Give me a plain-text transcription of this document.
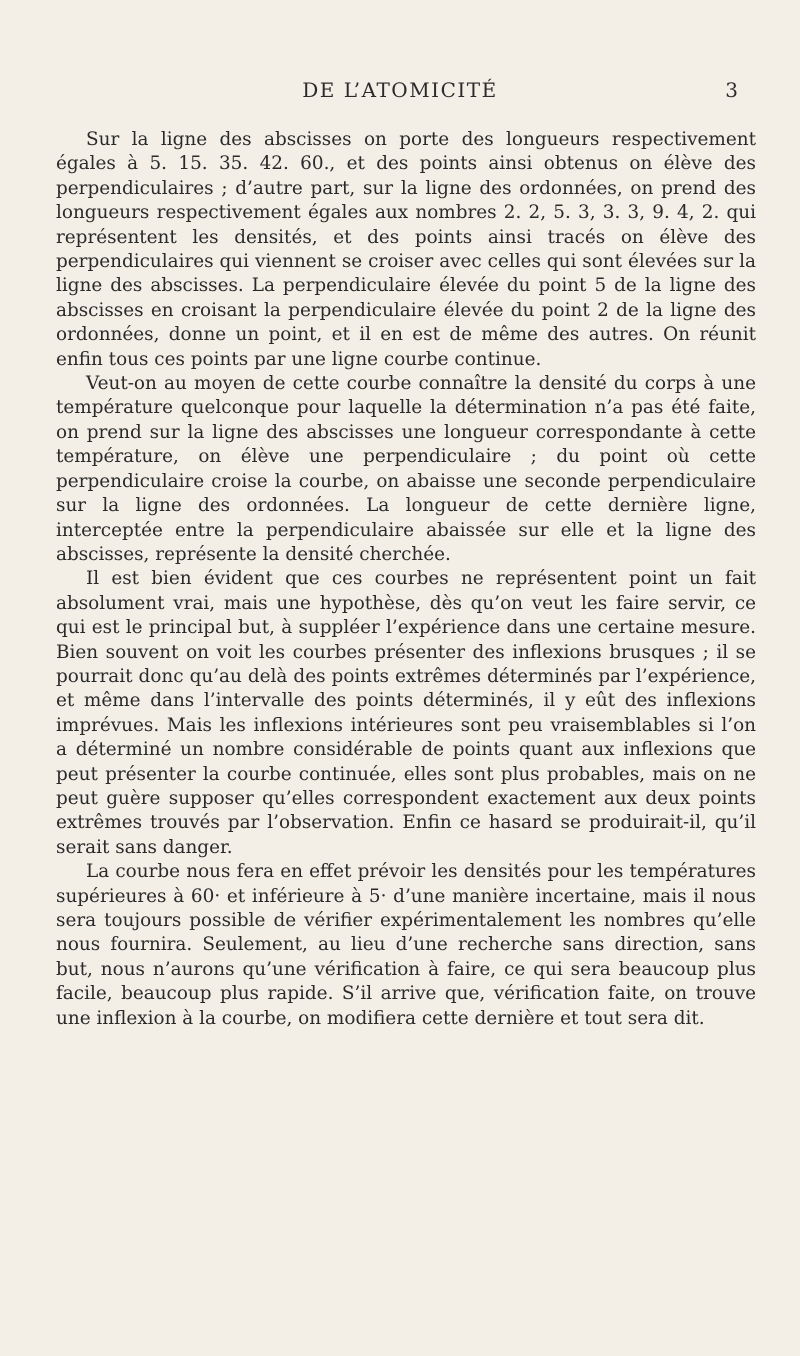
DE L’ATOMICITÉ	3

Sur la ligne des abscisses on porte des longueurs respectivement égales à 5. 15. 35. 42. 60., et des points ainsi obtenus on élève des perpendiculaires ; d’autre part, sur la ligne des ordonnées, on prend des longueurs respectivement égales aux nombres 2. 2, 5. 3, 3. 3, 9. 4, 2. qui représentent les densités, et des points ainsi tracés on élève des perpendiculaires qui viennent se croiser avec celles qui sont élevées sur la ligne des abscisses. La perpendiculaire élevée du point 5 de la ligne des abscisses en croisant la perpendiculaire élevée du point 2 de la ligne des ordonnées, donne un point, et il en est de même des autres. On réunit enfin tous ces points par une ligne courbe continue.

Veut-on au moyen de cette courbe connaître la densité du corps à une température quelconque pour laquelle la détermination n’a pas été faite, on prend sur la ligne des abscisses une longueur correspondante à cette température, on élève une perpendiculaire ; du point où cette perpendiculaire croise la courbe, on abaisse une seconde perpendiculaire sur la ligne des ordonnées. La longueur de cette dernière ligne, interceptée entre la perpendiculaire abaissée sur elle et la ligne des abscisses, représente la densité cherchée.

Il est bien évident que ces courbes ne représentent point un fait absolument vrai, mais une hypothèse, dès qu’on veut les faire servir, ce qui est le principal but, à suppléer l’expérience dans une certaine mesure. Bien souvent on voit les courbes présenter des inflexions brusques ; il se pourrait donc qu’au delà des points extrêmes déterminés par l’expérience, et même dans l’intervalle des points déterminés, il y eût des inflexions imprévues. Mais les inflexions intérieures sont peu vraisemblables si l’on a déterminé un nombre considérable de points quant aux inflexions que peut présenter la courbe continuée, elles sont plus probables, mais on ne peut guère supposer qu’elles correspondent exactement aux deux points extrêmes trouvés par l’observation. Enfin ce hasard se produirait-il, qu’il serait sans danger.

La courbe nous fera en effet prévoir les densités pour les températures supérieures à 60· et inférieure à 5· d’une manière incertaine, mais il nous sera toujours possible de vérifier expérimentalement les nombres qu’elle nous fournira. Seulement, au lieu d’une recherche sans direction, sans but, nous n’aurons qu’une vérification à faire, ce qui sera beaucoup plus facile, beaucoup plus rapide. S’il arrive que, vérification faite, on trouve une inflexion à la courbe, on modifiera cette dernière et tout sera dit.
